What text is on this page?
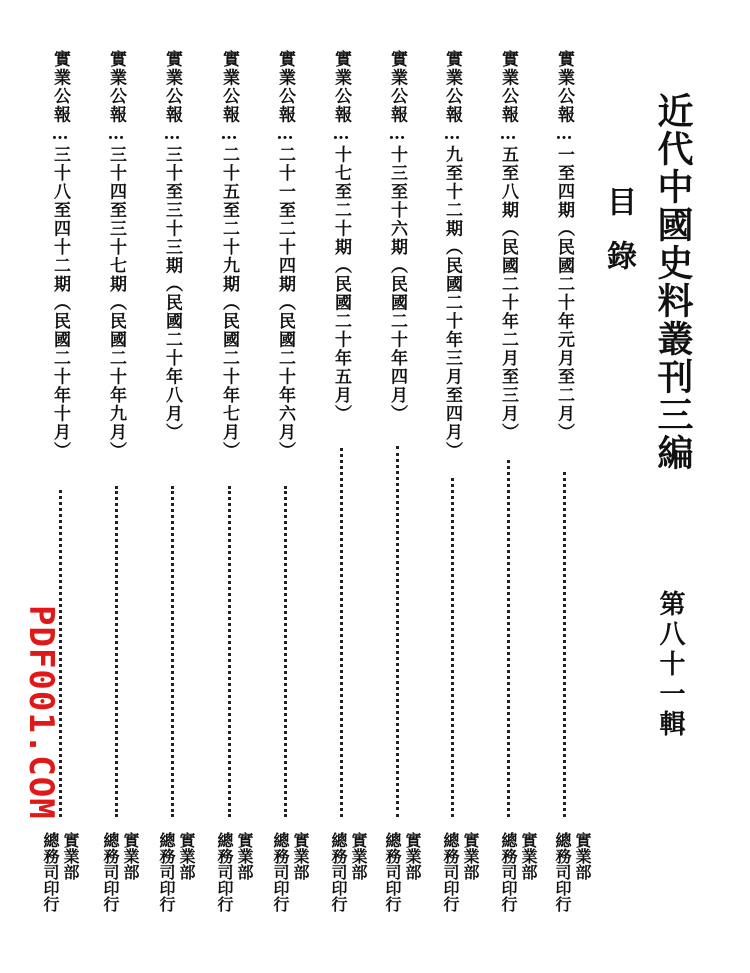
近代中國史料叢刊三編
第八十一輯
目錄
實業公報…一至四期（民國二十年元月至二月）
實業部
總務司印行
實業公報…五至八期（民國二十年二月至三月）
實業部
總務司印行
實業公報…九至十二期（民國二十年三月至四月）
實業部
總務司印行
實業公報…十三至十六期（民國二十年四月）
實業部
總務司印行
實業公報…十七至二十期（民國二十年五月）
實業部
總務司印行
實業公報…二十一至二十四期（民國二十年六月）
實業部
總務司印行
實業公報…二十五至二十九期（民國二十年七月）
實業部
總務司印行
實業公報…三十至三十三期（民國二十年八月）
實業部
總務司印行
實業公報…三十四至三十七期（民國二十年九月）
實業部
總務司印行
實業公報…三十八至四十二期（民國二十年十月）
實業部
總務司印行
PDF001.COM
